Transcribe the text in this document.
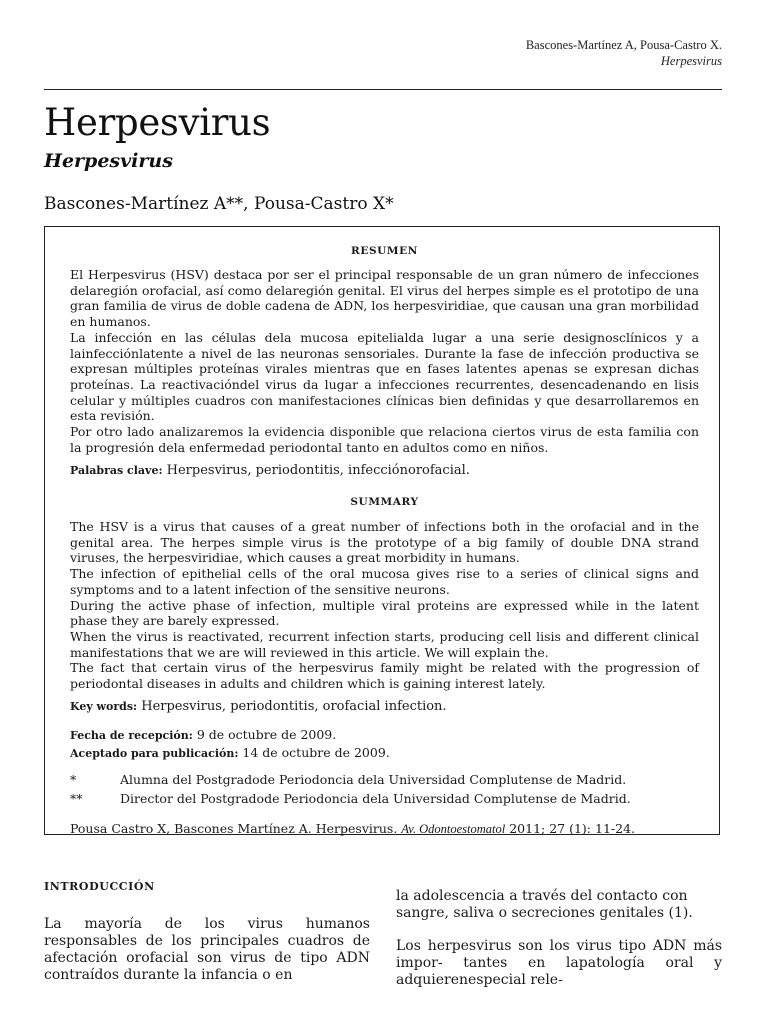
Bascones-Martínez A, Pousa-Castro X.
Herpesvirus
Herpesvirus
Herpesvirus
Bascones-Martínez A**, Pousa-Castro X*

RESUMEN

El Herpesvirus (HSV) destaca por ser el principal responsable de un gran número de infecciones delaregión orofacial, así como delaregión genital. El virus del herpes simple es el prototipo de una gran familia de virus de doble cadena de ADN, los herpesviridiae, que causan una gran morbilidad en humanos.

La infección en las células dela mucosa epitelialda lugar a una serie designosclínicos y a lainfecciónlatente a nivel de las neuronas sensoriales. Durante la fase de infección productiva se expresan múltiples proteínas virales mientras que en fases latentes apenas se expresan dichas proteínas. La reactivacióndel virus da lugar a infecciones recurrentes, desencadenando en lisis celular y múltiples cuadros con manifestaciones clínicas bien definidas y que desarrollaremos en esta revisión.

Por otro lado analizaremos la evidencia disponible que relaciona ciertos virus de esta familia con la progresión dela enfermedad periodontal tanto en adultos como en niños.

Palabras clave: Herpesvirus, periodontitis, infecciónorofacial.

SUMMARY

The HSV is a virus that causes of a great number of infections both in the orofacial and in the genital area. The herpes simple virus is the prototype of a big family of double DNA strand viruses, the herpesviridiae, which causes a great morbidity in humans.

The infection of epithelial cells of the oral mucosa gives rise to a series of clinical signs and symptoms and to a latent infection of the sensitive neurons.

During the active phase of infection, multiple viral proteins are expressed while in the latent phase they are barely expressed.

When the virus is reactivated, recurrent infection starts, producing cell lisis and different clinical manifestations that we are will reviewed in this article. We will explain the.

The fact that certain virus of the herpesvirus family might be related with the progression of periodontal diseases in adults and children which is gaining interest lately.

Key words: Herpesvirus, periodontitis, orofacial infection.

Fecha de recepción: 9 de octubre de 2009.

Aceptado para publicación: 14 de octubre de 2009.

*	Alumna del Postgradode Periodoncia dela Universidad Complutense de Madrid.

**	Director del Postgradode Periodoncia dela Universidad Complutense de Madrid.

Pousa Castro X, Bascones Martínez A. Herpesvirus. Av. Odontoestomatol 2011; 27 (1): 11-24.

INTRODUCCIÓN

La mayoría de los virus humanos responsables de los principales cuadros de afectación orofacial son virus de tipo ADN contraídos durante la infancia o en

la adolescencia a través del contacto con sangre, saliva o secreciones genitales (1).

Los herpesvirus son los virus tipo ADN más impor- tantes en lapatología oral y adquierenespecial rele-
